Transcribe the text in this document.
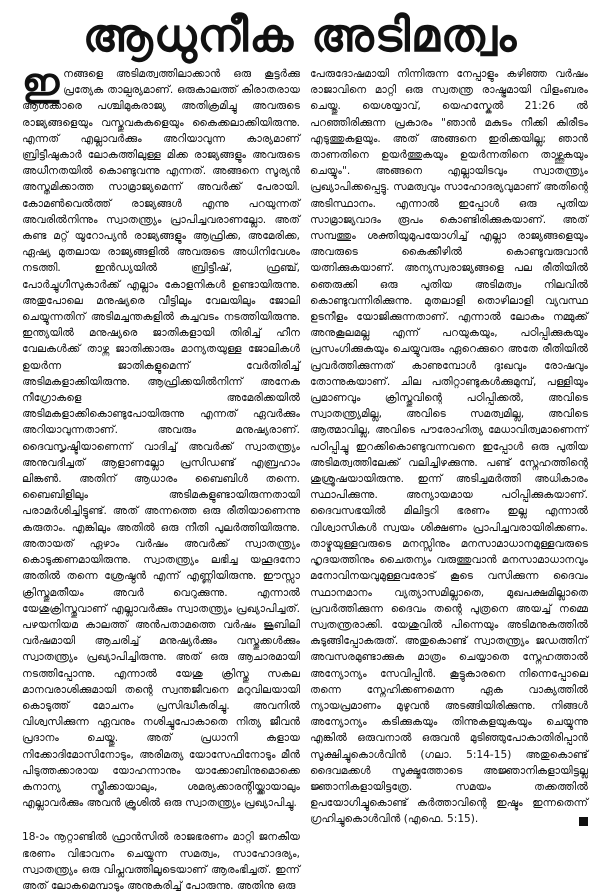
ആധുനീക അടിമത്വം

ഇനങ്ങളെ അടിമത്വത്തിലാക്കാൻ ഒരു കൂട്ടർക്കു പ്രത്യേക താല്പര്യമാണ്. ഒരുകാലത്ത് കിരാതരായ ആൾക്കാരെ പശ്ചിമുകരാജ്യ അതിക്രമിച്ചു അവരുടെ രാജ്യങ്ങളെയും വസ്തുവകകളെയും കൈക്കലാക്കിയിരുന്നു. എന്നത് എല്ലാവർക്കും അറിയാവുന്ന കാര്യമാണ് ബ്രിട്ടീഷുകാർ ലോകത്തിലുള്ള മിക്ക രാജ്യങ്ങളും അവരുടെ അധീനതയിൽ കൊണ്ടുവന്നു എന്നത്. അങ്ങനെ സൂര്യൻ അസ്തമിക്കാത്ത സാമ്രാജ്യമെന്ന് അവർക്ക് പേരായി. കോമൺവെൽത്ത് രാജ്യങ്ങൾ എന്നു പറയുന്നത് അവരിൽനിന്നും സ്വാതന്ത്ര്യം പ്രാപിച്ചവരാണല്ലോ. അത് കണ്ട മറ്റ് യൂറോപ്യൻ രാജ്യങ്ങളും ആഫ്രിക്ക, അമേരിക്ക, ഏഷ്യ മുതലായ രാജ്യങ്ങളിൽ അവരുടെ അധിനിവേശം നടത്തി. ഇൻഡ്യയിൽ ബ്രിട്ടീഷ്, ഫ്രഞ്ച്, പോർച്ചുഗീസുകാർക്ക് എല്ലാം കോളനികൾ ഉണ്ടായിരുന്നു. അതുപോലെ മനുഷ്യരെ വീട്ടിലും വേലയിലും ജോലി ചെയ്യുന്നതിന് അടിമച്ചന്തകളിൽ കച്ചവടം നടത്തിയിരുന്നു. ഇന്ത്യയിൽ മനുഷ്യരെ ജാതികളായി തിരിച്ച് ഹീന വേലകൾക്ക് താഴ്ന്ന ജാതിക്കാരും മാന്യതയുള്ള ജോലികൾ ഉയർന്ന ജാതികളുമെന്ന് വേർതിരിച്ച് അടിമകളാക്കിയിരുന്നു. ആഫ്രിക്കയിൽനിന്ന് അനേക നീഗ്രോകളെ അമേരിക്കയിൽ അടിമകളാക്കികൊണ്ടുപോയിരുന്നു എന്നത് ഏവർക്കും അറിയാവുന്നതാണ്. അവരും മനുഷ്യരാണ്. ദൈവസൃഷ്ടിയാണെന്ന് വാദിച്ച് അവർക്ക് സ്വാതന്ത്ര്യം അനുവദിച്ചത് ആളാണല്ലോ പ്രസിഡണ്ട് എബ്രഹാം ലിങ്കൺ. അതിന് ആധാരം ബൈബിൾ തന്നെ. ബൈബിളിലും അടിമകളുണ്ടായിരുന്നതായി പരാമർശിച്ചിട്ടുണ്ട്. അത് അന്നത്തെ ഒരു രീതിയാണെന്നു കരുതാം. എങ്കിലും അതിൽ ഒരു നീതി പുലർത്തിയിരുന്നു. അതായത് ഏഴാം വർഷം അവർക്ക് സ്വാതന്ത്ര്യം കൊടുക്കണമായിരുന്നു. സ്വാതന്ത്ര്യം ലഭിച്ച യഹൂദനോ അതിൽ തന്നെ ശ്രേഷ്ഠൻ എന്ന് എണ്ണിയിരുന്നു. ഈസ്സാ ക്രിസ്തുമതീയം അവർ വെറുക്കുന്നു. എന്നാൽ യേശുക്രിസ്തുവാണ് എല്ലാവർക്കും സ്വാതന്ത്ര്യം പ്രഖ്യാപിച്ചത്. പഴയനിയമ കാലത്ത് അൻപതാമത്തെ വർഷം ജൂബിലി വർഷമായി ആചരിച്ച് മനുഷ്യർക്കും വസ്തുക്കൾക്കും സ്വാതന്ത്ര്യം പ്രഖ്യാപിച്ചിരുന്നു. അത് ഒരു ആചാരമായി നടത്തിപ്പോന്നു. എന്നാൽ യേശു ക്രിസ്തു സകല മാനവരാശിക്കുമായി തന്റെ സ്വന്തജീവനെ മറുവിലയായി കൊടുത്ത് മോചനം പ്രസിദ്ധീകരിച്ചു. അവനിൽ വിശ്വസിക്കുന്ന ഏവനും നശിച്ചുപോകാതെ നിത്യ ജീവൻ പ്രദാനം ചെയ്തു. അത് പ്രധാനി കളായ നിക്കോദിമോസിനോടും, അരിമത്യ യോസേഫിനോടും മീൻ പിടുത്തക്കാരായ യോഹന്നാനും യാക്കോബിനുമൊക്കെ കനാന്യ സ്ത്രീക്കായാലും, ശമര്യക്കാരൻ്റിയ്ക്കായാലും എല്ലാവർക്കും അവൻ ക്രൂശിൽ ഒരു സ്വാതന്ത്ര്യം പ്രഖ്യാപിച്ചു.

18-ാം നൂറ്റാണ്ടിൽ ഫ്രാൻസിൽ രാജഭരണം മാറ്റി ജനകീയ ഭരണം വിഭാവനം ചെയ്യുന്ന സമത്വം, സാഹോദര്യം, സ്വാതന്ത്ര്യം ഒരു വിപ്ലവത്തിലൂടെയാണ് ആരംഭിച്ചത്. ഇന്ന് അത് ലോകമെമ്പാടും അനുകരിച്ച് പോരുന്നു. അതിനു ഒരു

പേരുദോഷമായി നിന്നിരുന്ന നേപ്പാളും കഴിഞ്ഞ വർഷം രാജാവിനെ മാറ്റി ഒരു സ്വതന്ത്ര രാഷ്ട്രമായി വിളംബരം ചെയ്തു. യെശയ്യാവ്, യെഹസ്കേൽ 21:26 ൽ പറഞ്ഞിരിക്കുന്ന പ്രകാരം "ഞാൻ മകുടം നീക്കി കിരീടം എടുത്തുകളയും. അത് അങ്ങനെ ഇരിക്കയില്ല; ഞാൻ താണതിനെ ഉയർത്തുകയും ഉയർന്നതിനെ താഴ്ത്തുകയും ചെയ്യും". അങ്ങനെ എല്ലായിടവും സ്വാതന്ത്ര്യം പ്രഖ്യാപിക്കപ്പെട്ടു. സമത്വവും സാഹോദര്യവുമാണ് അതിന്റെ അടിസ്ഥാനം. എന്നാൽ ഇപ്പോൾ ഒരു പുതിയ സാമ്രാജ്യവാദം രൂപം കൊണ്ടിരിക്കുകയാണ്. അത് സമ്പത്തും ശക്തിയുമുപയോഗിച്ച് എല്ലാ രാജ്യങ്ങളെയും അവരുടെ കൈക്കീഴിൽ കൊണ്ടുവരുവാൻ യത്നിക്കുകയാണ്. അന്യസ്വരാജ്യങ്ങളെ പല രീതിയിൽ ഞെരുക്കി ഒരു പുതിയ അടിമത്വം നിലവിൽ കൊണ്ടുവന്നിരിക്കുന്നു. മുതലാളി തൊഴിലാളി വ്യവസ്ഥ ഉടനീളം യോജിക്കുന്നതാണ്. എന്നാൽ ലോകം നമ്മുക്ക് അനുകൂലമല്ല എന്ന് പറയുകയും, പഠിപ്പിക്കുകയും പ്രസംഗിക്കുകയും ചെയ്യുവരും ഏറെക്കുറെ അതേ രീതിയിൽ പ്രവർത്തിക്കുന്നത് കാണുമ്പോൾ ദുഃഖവും രോഷവും തോന്നുകയാണ്. ചില പതിറ്റാണ്ടുകൾക്കുമുമ്പ്, പള്ളിയും പ്രമാണവും ക്രിസ്തുവിന്റെ പഠിപ്പിക്കൽ, അവിടെ സ്വാതന്ത്ര്യമില്ല, അവിടെ സമത്വമില്ല, അവിടെ ആത്മാവില്ല, അവിടെ പൗരോഹിത്യ മേധാവിത്വമാണെന്ന് പഠിപ്പിച്ചു ഇറക്കികൊണ്ടുവന്നവനെ ഇപ്പോൾ ഒരു പുതിയ അടിമത്വത്തിലേക്ക് വലിച്ചിഴക്കുന്നു. പണ്ട് സ്നേഹത്തിന്റെ ശുശ്രൂഷയായിരുന്നു. ഇന്ന് അടിച്ചമർത്തി അധികാരം സ്ഥാപിക്കുന്നു. അന്യായമായ പഠിപ്പിക്കുകയാണ്. ദൈവസഭയിൽ മിലിട്ടറി ഭരണം ഇല്ല എന്നാൽ വിശ്വാസികൾ സ്വയം ശിക്ഷണം പ്രാപിച്ചവരായിരിക്കണം. താഴ്മയുള്ളവരുടെ മനസ്സിനും മനസാമാധാനമുള്ളവരുടെ ഹൃദയത്തിനും ചൈതന്യം വരുത്തുവാൻ മനസാമാധാനവും മനോവിനയവുമുള്ളവരോട് കൂടെ വസിക്കുന്ന ദൈവം സ്ഥാനമാനം വ്യത്യാസമില്ലാതെ, മുഖപക്ഷമില്ലാതെ പ്രവർത്തിക്കുന്ന ദൈവം തന്റെ പുത്രനെ അയച്ച് നമ്മെ സ്വതന്ത്രരാക്കി. യേശുവിൽ പിന്നെയും അടിമനുകത്തിൽ കുടുങ്ങിപ്പോകരുത്. അതുകൊണ്ട് സ്വാതന്ത്ര്യം ജഡത്തിന് അവസരമുണ്ടാക്കുക മാത്രം ചെയ്യാതെ സ്നേഹത്താൽ അന്യോന്യം സേവിപ്പിൻ. കൂട്ടുകാരനെ നിന്നെപ്പോലെ തന്നെ സ്നേഹിക്കണമെന്ന ഏക വാക്യത്തിൽ ന്യായപ്രമാണം മുഴുവൻ അടങ്ങിയിരിക്കുന്നു. നിങ്ങൾ അന്യോന്യം കടിക്കുകയും തിന്നുകളയുകയും ചെയ്യുന്നു എങ്കിൽ ഒരുവനാൽ ഒരുവൻ മുടിഞ്ഞുപോകാതിരിപ്പാൻ സൂക്ഷിച്ചുകൊൾവിൻ (ഗലാ. 5:14-15) അതുകൊണ്ട് ദൈവമക്കൾ സൂക്ഷ്മത്തോടെ അജ്ഞാനികളായിട്ടല്ല ജ്ഞാനികളായിട്ടത്രേ. സമയം തക്കത്തിൽ ഉപയോഗിച്ചുകൊണ്ട് കർത്താവിന്റെ ഇഷ്ടം ഇന്നതെന്ന് ഗ്രഹിച്ചുകൊൾവിൻ (എഫെ. 5:15).
